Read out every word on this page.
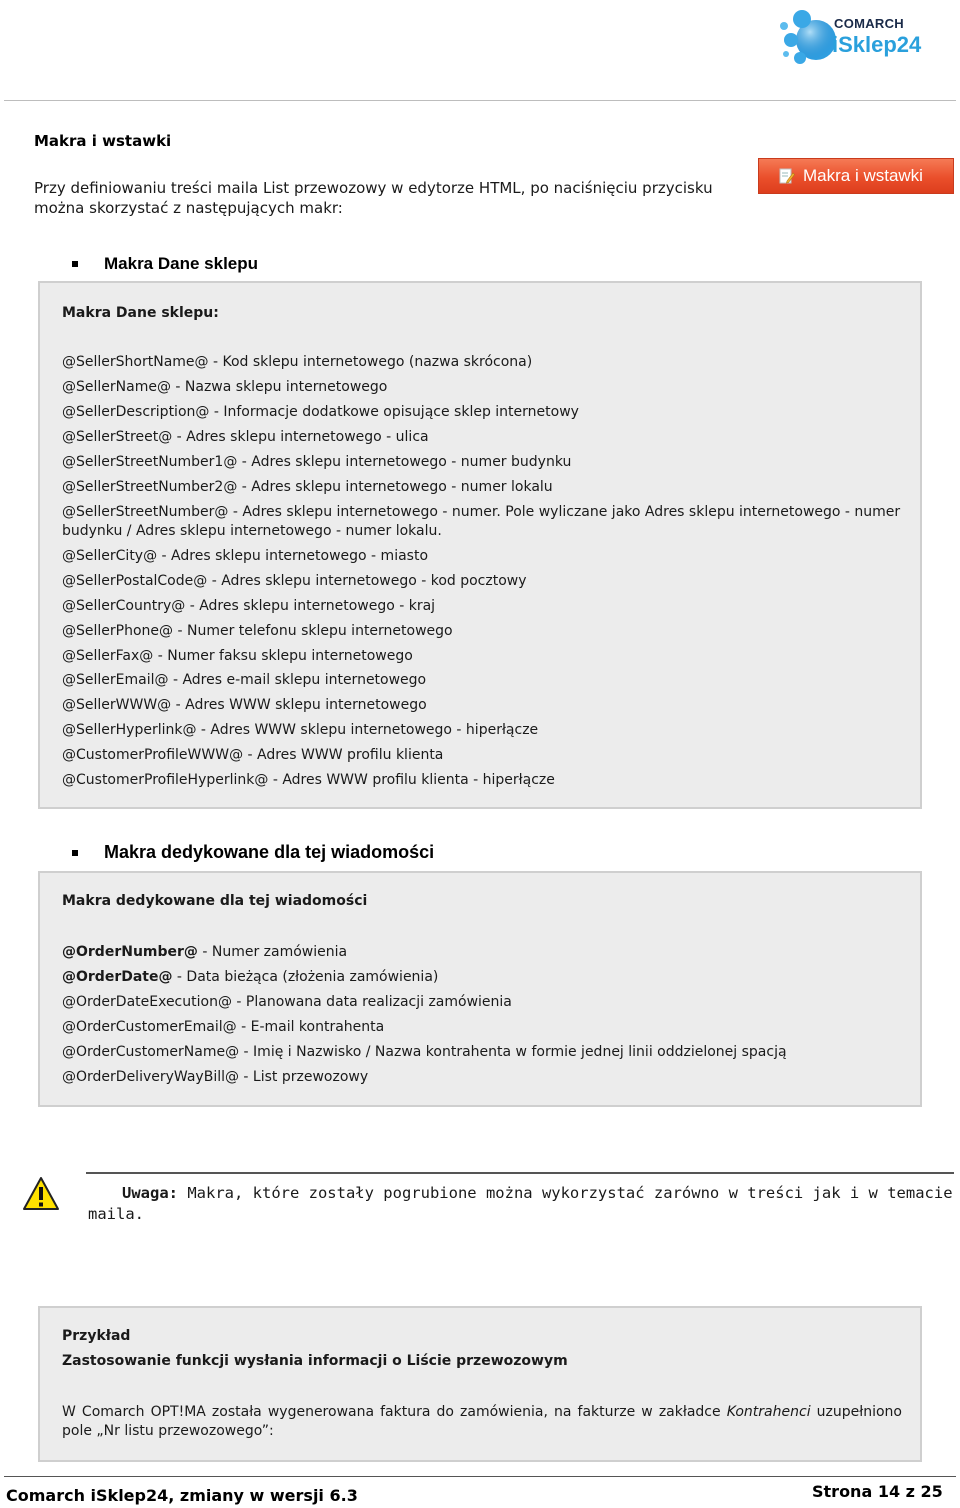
COMARCH
iSklep24
Makra i wstawki
Przy definiowaniu treści maila List przewozowy w edytorze HTML, po naciśnięciu przycisku można skorzystać z następujących makr:
Makra i wstawki
Makra Dane sklepu
Makra Dane sklepu:
@SellerShortName@ - Kod sklepu internetowego (nazwa skrócona)
@SellerName@ - Nazwa sklepu internetowego
@SellerDescription@ - Informacje dodatkowe opisujące sklep internetowy
@SellerStreet@ - Adres sklepu internetowego - ulica
@SellerStreetNumber1@ - Adres sklepu internetowego - numer budynku
@SellerStreetNumber2@ - Adres sklepu internetowego - numer lokalu
@SellerStreetNumber@ - Adres sklepu internetowego - numer. Pole wyliczane jako Adres sklepu internetowego - numer budynku / Adres sklepu internetowego - numer lokalu.
@SellerCity@ - Adres sklepu internetowego - miasto
@SellerPostalCode@ - Adres sklepu internetowego - kod pocztowy
@SellerCountry@ - Adres sklepu internetowego - kraj
@SellerPhone@ - Numer telefonu sklepu internetowego
@SellerFax@ - Numer faksu sklepu internetowego
@SellerEmail@ - Adres e-mail sklepu internetowego
@SellerWWW@ - Adres WWW sklepu internetowego
@SellerHyperlink@ - Adres WWW sklepu internetowego - hiperłącze
@CustomerProfileWWW@ - Adres WWW profilu klienta
@CustomerProfileHyperlink@ - Adres WWW profilu klienta - hiperłącze
Makra dedykowane dla tej wiadomości
Makra dedykowane dla tej wiadomości
@OrderNumber@ - Numer zamówienia
@OrderDate@ - Data bieżąca (złożenia zamówienia)
@OrderDateExecution@ - Planowana data realizacji zamówienia
@OrderCustomerEmail@ - E-mail kontrahenta
@OrderCustomerName@ - Imię i Nazwisko / Nazwa kontrahenta w formie jednej linii oddzielonej spacją
@OrderDeliveryWayBill@ - List przewozowy
Uwaga: Makra, które zostały pogrubione można wykorzystać zarówno w treści jak i w temacie maila.
Przykład
Zastosowanie funkcji wysłania informacji o Liście przewozowym
W Comarch OPT!MA została wygenerowana faktura do zamówienia, na fakturze w zakładce Kontrahenci uzupełniono pole „Nr listu przewozowego”:
Comarch iSklep24, zmiany w wersji 6.3	Strona 14 z 25
